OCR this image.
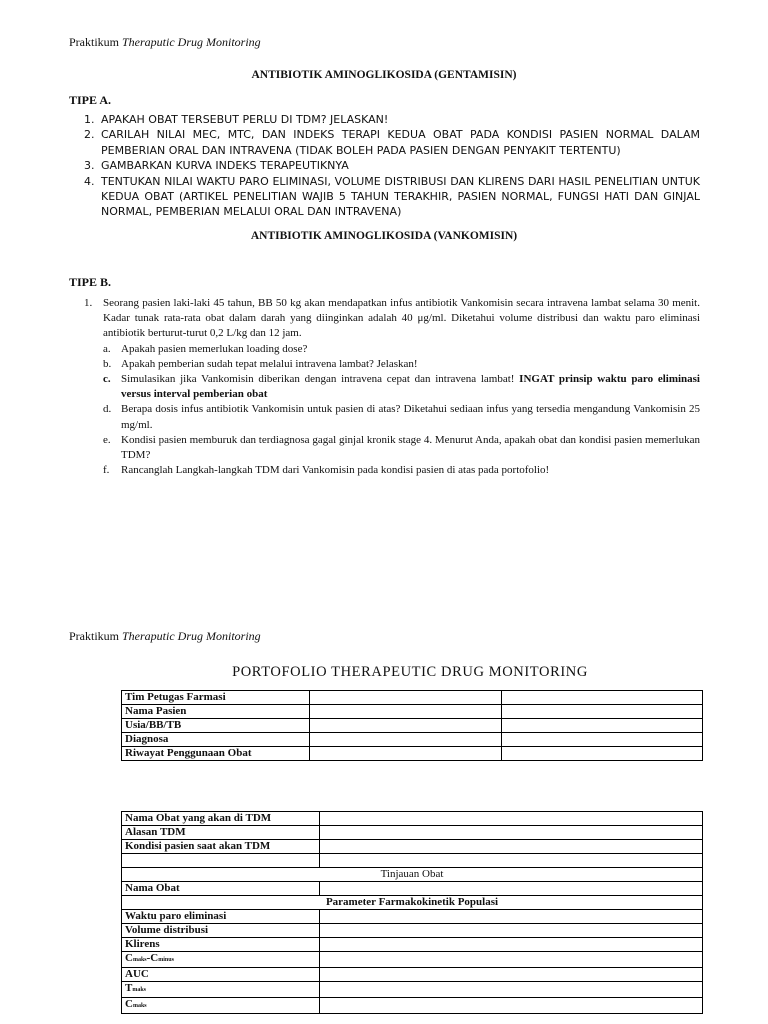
Praktikum Theraputic Drug Monitoring
ANTIBIOTIK AMINOGLIKOSIDA (GENTAMISIN)
TIPE A.
1. APAKAH OBAT TERSEBUT PERLU DI TDM? JELASKAN!
2. CARILAH NILAI MEC, MTC, DAN INDEKS TERAPI KEDUA OBAT PADA KONDISI PASIEN NORMAL DALAM PEMBERIAN ORAL DAN INTRAVENA (TIDAK BOLEH PADA PASIEN DENGAN PENYAKIT TERTENTU)
3. GAMBARKAN KURVA INDEKS TERAPEUTIKNYA
4. TENTUKAN NILAI WAKTU PARO ELIMINASI, VOLUME DISTRIBUSI DAN KLIRENS DARI HASIL PENELITIAN UNTUK KEDUA OBAT (ARTIKEL PENELITIAN WAJIB 5 TAHUN TERAKHIR, PASIEN NORMAL, FUNGSI HATI DAN GINJAL NORMAL, PEMBERIAN MELALUI ORAL DAN INTRAVENA)
ANTIBIOTIK AMINOGLIKOSIDA (VANKOMISIN)
TIPE B.
1. Seorang pasien laki-laki 45 tahun, BB 50 kg akan mendapatkan infus antibiotik Vankomisin secara intravena lambat selama 30 menit. Kadar tunak rata-rata obat dalam darah yang diinginkan adalah 40 μg/ml. Diketahui volume distribusi dan waktu paro eliminasi antibiotik berturut-turut 0,2 L/kg dan 12 jam.
a. Apakah pasien memerlukan loading dose?
b. Apakah pemberian sudah tepat melalui intravena lambat? Jelaskan!
c. Simulasikan jika Vankomisin diberikan dengan intravena cepat dan intravena lambat! INGAT prinsip waktu paro eliminasi versus interval pemberian obat
d. Berapa dosis infus antibiotik Vankomisin untuk pasien di atas? Diketahui sediaan infus yang tersedia mengandung Vankomisin 25 mg/ml.
e. Kondisi pasien memburuk dan terdiagnosa gagal ginjal kronik stage 4. Menurut Anda, apakah obat dan kondisi pasien memerlukan TDM?
f.	Rancanglah Langkah-langkah TDM dari Vankomisin pada kondisi pasien di atas pada portofolio!
Praktikum Theraputic Drug Monitoring
PORTOFOLIO THERAPEUTIC DRUG MONITORING
Tim Petugas Farmasi		
Nama Pasien		
Usia/BB/TB		
Diagnosa		
Riwayat Penggunaan Obat		
Nama Obat yang akan di TDM	
Alasan TDM	
Kondisi pasien saat akan TDM	

Tinjauan Obat	
Nama Obat	
Parameter Farmakokinetik Populasi	
Waktu paro eliminasi	
Volume distribusi	
Klirens	
Cmaks-Cminus	
AUC	
Tmaks	
Cmaks	
